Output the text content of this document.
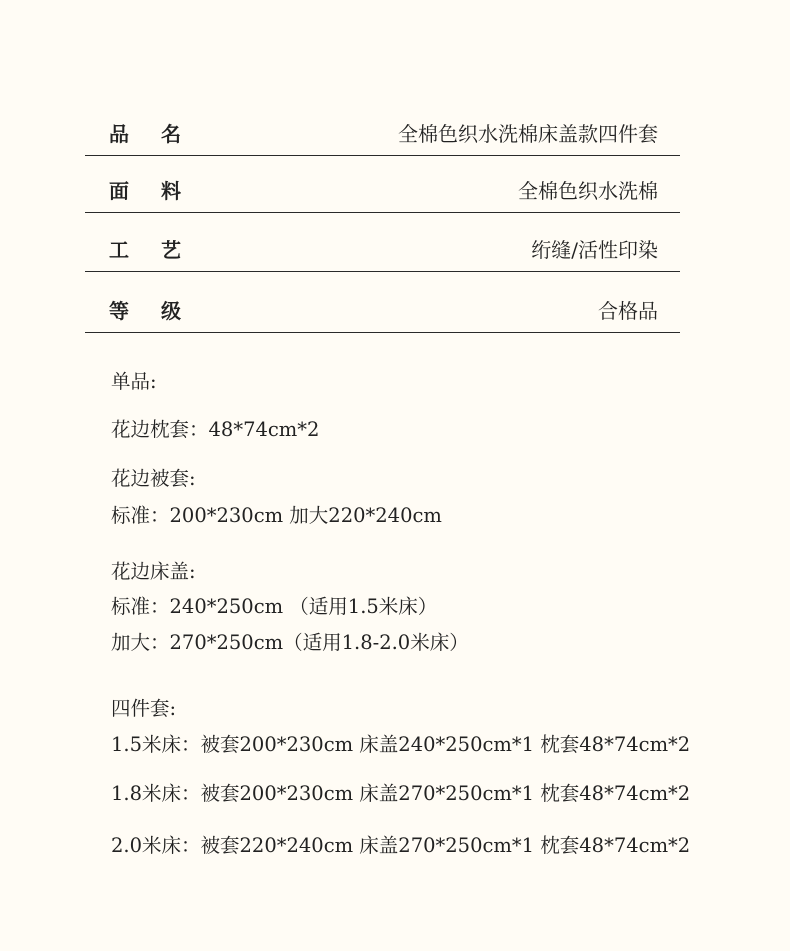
品 名	全棉色织水洗棉床盖款四件套
面 料	全棉色织水洗棉
工 艺	绗缝/活性印染
等 级	合格品
单品:
花边枕套：48*74cm*2
花边被套:
标准：200*230cm 加大220*240cm
花边床盖:
标准：240*250cm （适用1.5米床）
加大：270*250cm（适用1.8-2.0米床）
四件套:
1.5米床：被套200*230cm 床盖240*250cm*1 枕套48*74cm*2
1.8米床：被套200*230cm 床盖270*250cm*1 枕套48*74cm*2
2.0米床：被套220*240cm 床盖270*250cm*1 枕套48*74cm*2
